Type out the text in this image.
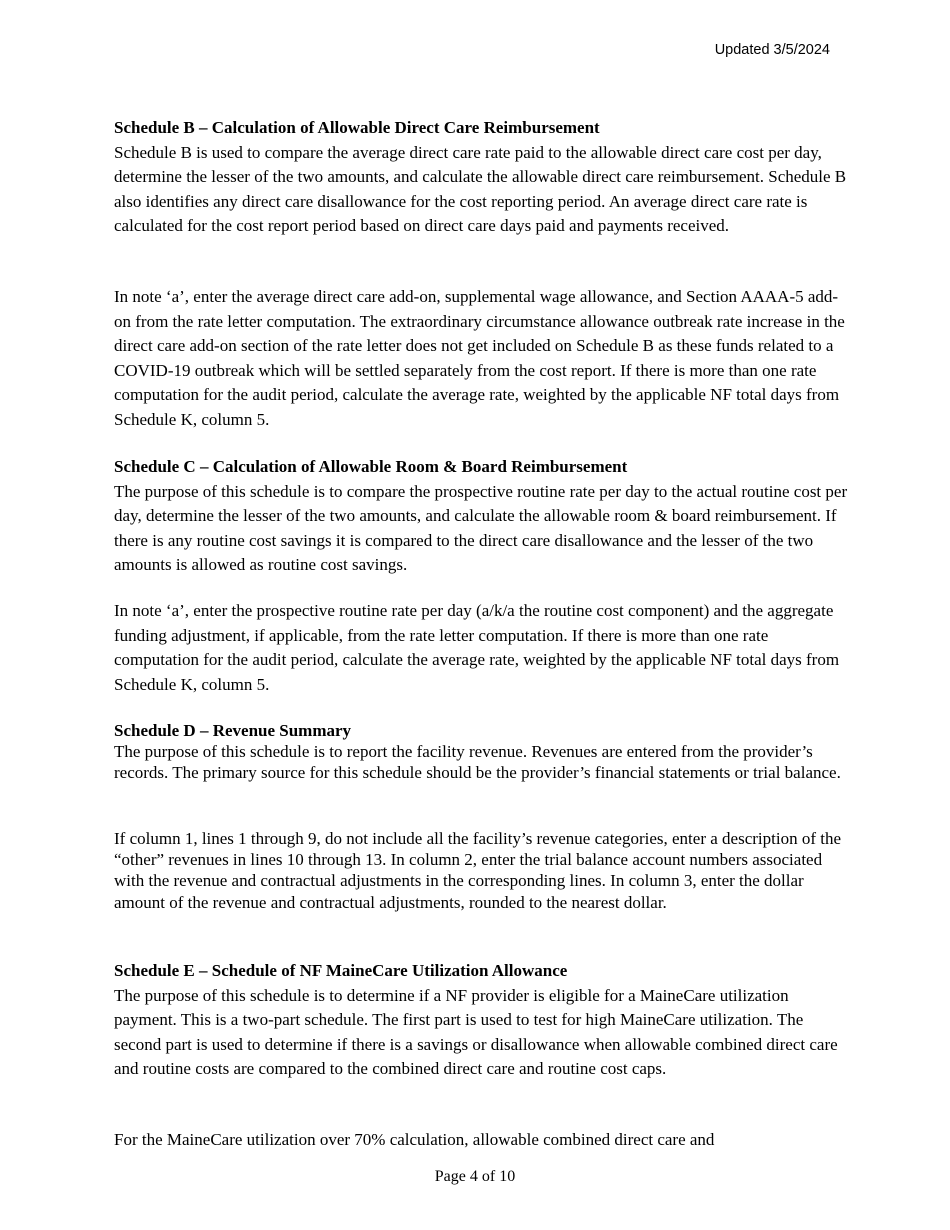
Updated 3/5/2024
Schedule B – Calculation of Allowable Direct Care Reimbursement
Schedule B is used to compare the average direct care rate paid to the allowable direct care cost per day, determine the lesser of the two amounts, and calculate the allowable direct care reimbursement. Schedule B also identifies any direct care disallowance for the cost reporting period. An average direct care rate is calculated for the cost report period based on direct care days paid and payments received.
In note ‘a’, enter the average direct care add-on, supplemental wage allowance, and Section AAAA-5 add-on from the rate letter computation. The extraordinary circumstance allowance outbreak rate increase in the direct care add-on section of the rate letter does not get included on Schedule B as these funds related to a COVID-19 outbreak which will be settled separately from the cost report. If there is more than one rate computation for the audit period, calculate the average rate, weighted by the applicable NF total days from Schedule K, column 5.
Schedule C – Calculation of Allowable Room & Board Reimbursement
The purpose of this schedule is to compare the prospective routine rate per day to the actual routine cost per day, determine the lesser of the two amounts, and calculate the allowable room & board reimbursement. If there is any routine cost savings it is compared to the direct care disallowance and the lesser of the two amounts is allowed as routine cost savings.
In note ‘a’, enter the prospective routine rate per day (a/k/a the routine cost component) and the aggregate funding adjustment, if applicable, from the rate letter computation. If there is more than one rate computation for the audit period, calculate the average rate, weighted by the applicable NF total days from Schedule K, column 5.
Schedule D – Revenue Summary
The purpose of this schedule is to report the facility revenue. Revenues are entered from the provider’s records. The primary source for this schedule should be the provider’s financial statements or trial balance.
If column 1, lines 1 through 9, do not include all the facility’s revenue categories, enter a description of the “other” revenues in lines 10 through 13. In column 2, enter the trial balance account numbers associated with the revenue and contractual adjustments in the corresponding lines. In column 3, enter the dollar amount of the revenue and contractual adjustments, rounded to the nearest dollar.
Schedule E – Schedule of NF MaineCare Utilization Allowance
The purpose of this schedule is to determine if a NF provider is eligible for a MaineCare utilization payment. This is a two-part schedule. The first part is used to test for high MaineCare utilization. The second part is used to determine if there is a savings or disallowance when allowable combined direct care and routine costs are compared to the combined direct care and routine cost caps.
For the MaineCare utilization over 70% calculation, allowable combined direct care and
Page 4 of 10
